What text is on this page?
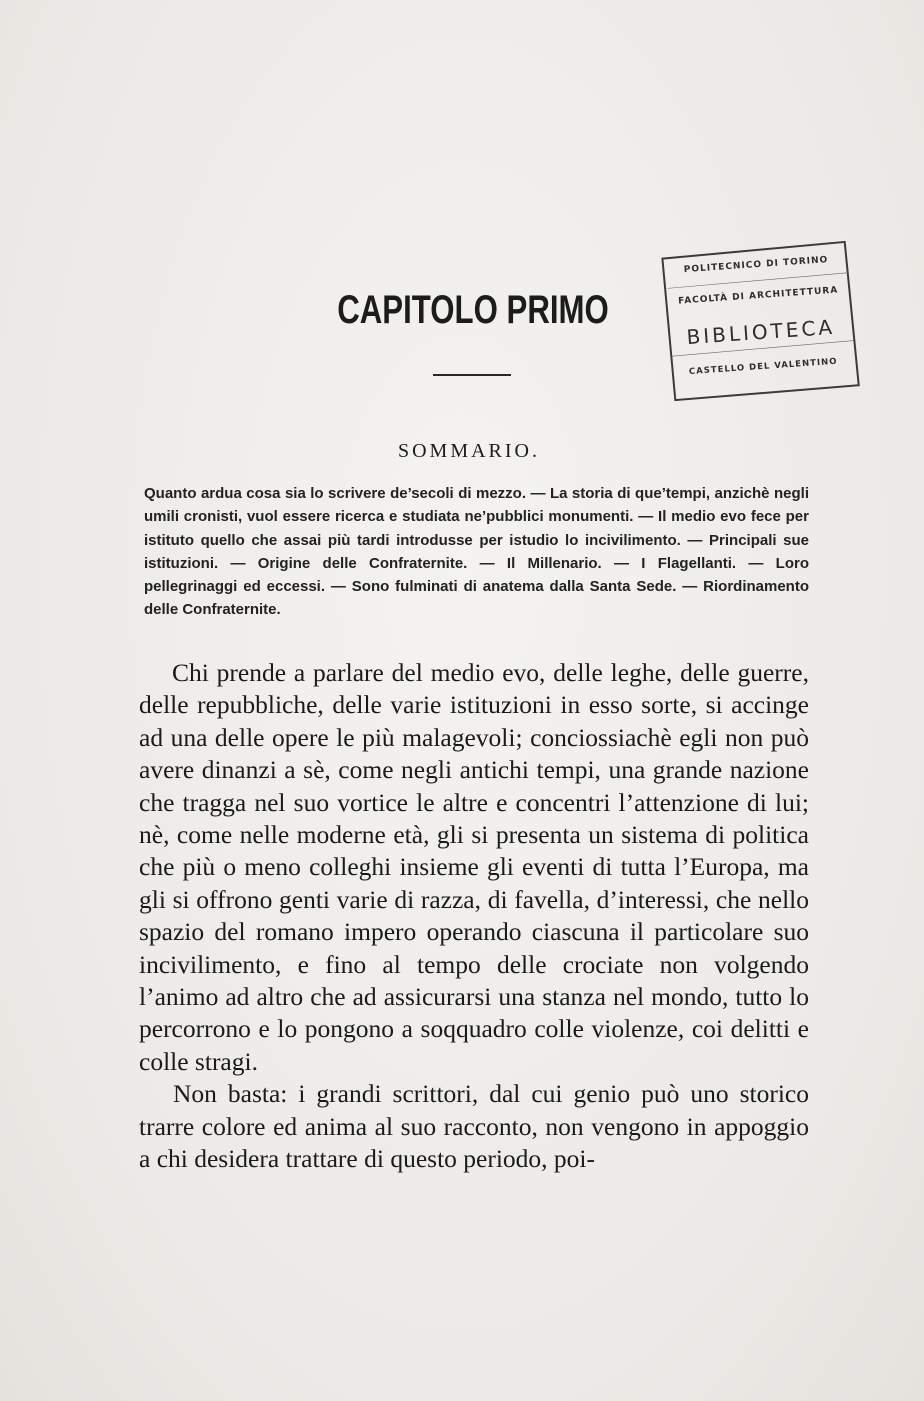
POLITECNICO DI TORINO
FACOLTÀ DI ARCHITETTURA
BIBLIOTECA
CASTELLO DEL VALENTINO
CAPITOLO PRIMO
SOMMARIO.
Quanto ardua cosa sia lo scrivere de’secoli di mezzo. — La storia di que’tempi, anzichè negli umili cronisti, vuol essere ricerca e studiata ne’pubblici monumenti. — Il medio evo fece per istituto quello che assai più tardi introdusse per istudio lo incivilimento. — Principali sue istituzioni. — Origine delle Confraternite. — Il Millenario. — I Flagellanti. — Loro pellegrinaggi ed eccessi. — Sono fulminati di anatema dalla Santa Sede. — Riordinamento delle Confraternite.

Chi prende a parlare del medio evo, delle leghe, delle guerre, delle repubbliche, delle varie istituzioni in esso sorte, si accinge ad una delle opere le più malagevoli; conciossiachè egli non può avere dinanzi a sè, come negli antichi tempi, una grande nazione che tragga nel suo vortice le altre e concentri l’attenzione di lui; nè, come nelle moderne età, gli si presenta un sistema di politica che più o meno colleghi insieme gli eventi di tutta l’Europa, ma gli si offrono genti varie di razza, di favella, d’interessi, che nello spazio del romano impero operando ciascuna il particolare suo incivilimento, e fino al tempo delle crociate non volgendo l’animo ad altro che ad assicurarsi una stanza nel mondo, tutto lo percorrono e lo pongono a soqquadro colle violenze, coi delitti e colle stragi.

Non basta: i grandi scrittori, dal cui genio può uno storico trarre colore ed anima al suo racconto, non vengono in appoggio a chi desidera trattare di questo periodo, poi-
